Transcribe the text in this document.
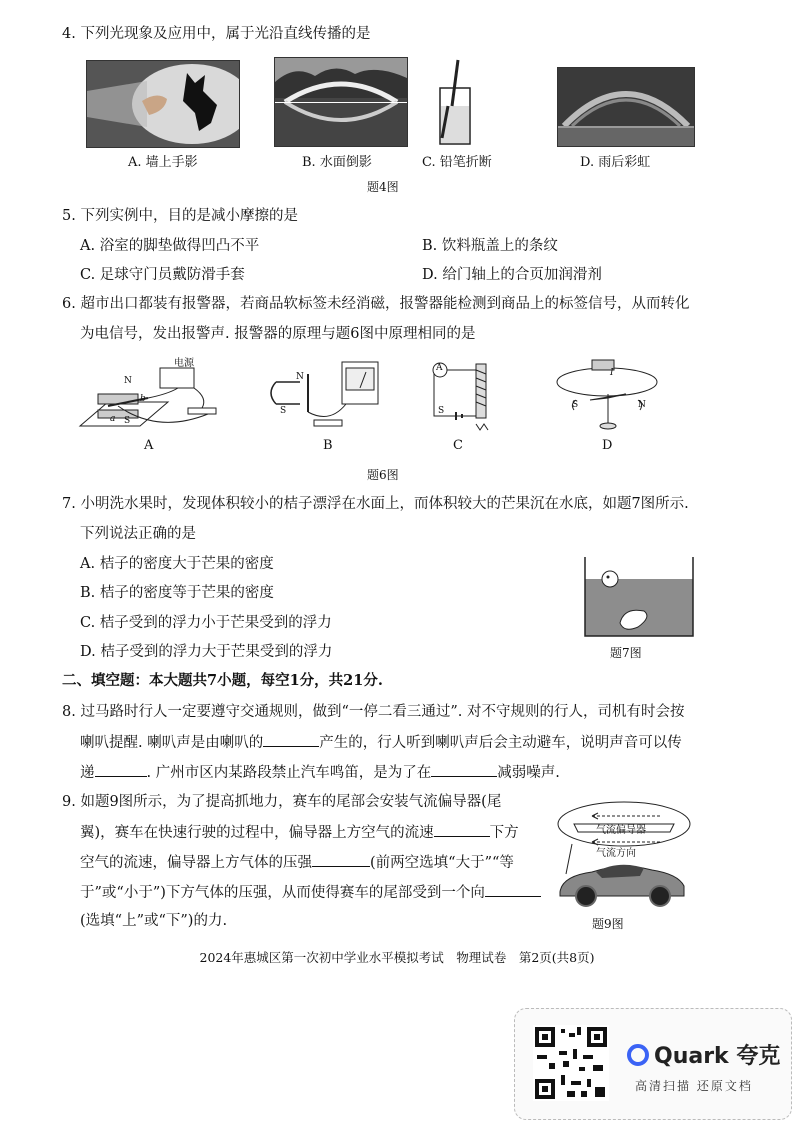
4. 下列光现象及应用中，属于光沿直线传播的是
A. 墙上手影	B. 水面倒影	C. 铅笔折断	D. 雨后彩虹
题4图
5. 下列实例中，目的是减小摩擦的是
A. 浴室的脚垫做得凹凸不平	B. 饮料瓶盖上的条纹
C. 足球守门员戴防滑手套	D. 给门轴上的合页加润滑剂
6. 超市出口都装有报警器，若商品软标签未经消磁，报警器能检测到商品上的标签信号，从而转化
为电信号，发出报警声. 报警器的原理与题6图中原理相同的是
电源
N
S
a
b
N
S
A
S
I
S	N
A	B	C	D
题6图
7. 小明洗水果时，发现体积较小的桔子漂浮在水面上，而体积较大的芒果沉在水底，如题7图所示.
下列说法正确的是
A. 桔子的密度大于芒果的密度
B. 桔子的密度等于芒果的密度
C. 桔子受到的浮力小于芒果受到的浮力
D. 桔子受到的浮力大于芒果受到的浮力	题7图
二、填空题：本大题共7小题，每空1分，共21分.
8. 过马路时行人一定要遵守交通规则，做到“一停二看三通过”. 对不守规则的行人，司机有时会按
喇叭提醒. 喇叭声是由喇叭的	产生的，行人听到喇叭声后会主动避车，说明声音可以传
递	. 广州市区内某路段禁止汽车鸣笛，是为了在	减弱噪声.
9. 如题9图所示，为了提高抓地力，赛车的尾部会安装气流偏导器(尾
翼)，赛车在快速行驶的过程中，偏导器上方空气的流速	下方
空气的流速，偏导器上方气体的压强	(前两空选填“大于”“等
于”或“小于”)下方气体的压强，从而使得赛车的尾部受到一个向
(选填“上”或“下”)的力.
气流偏导器
气流方向
题9图
2024年惠城区第一次初中学业水平模拟考试　物理试卷　第2页(共8页)
Quark 夸克
高清扫描 还原文档
